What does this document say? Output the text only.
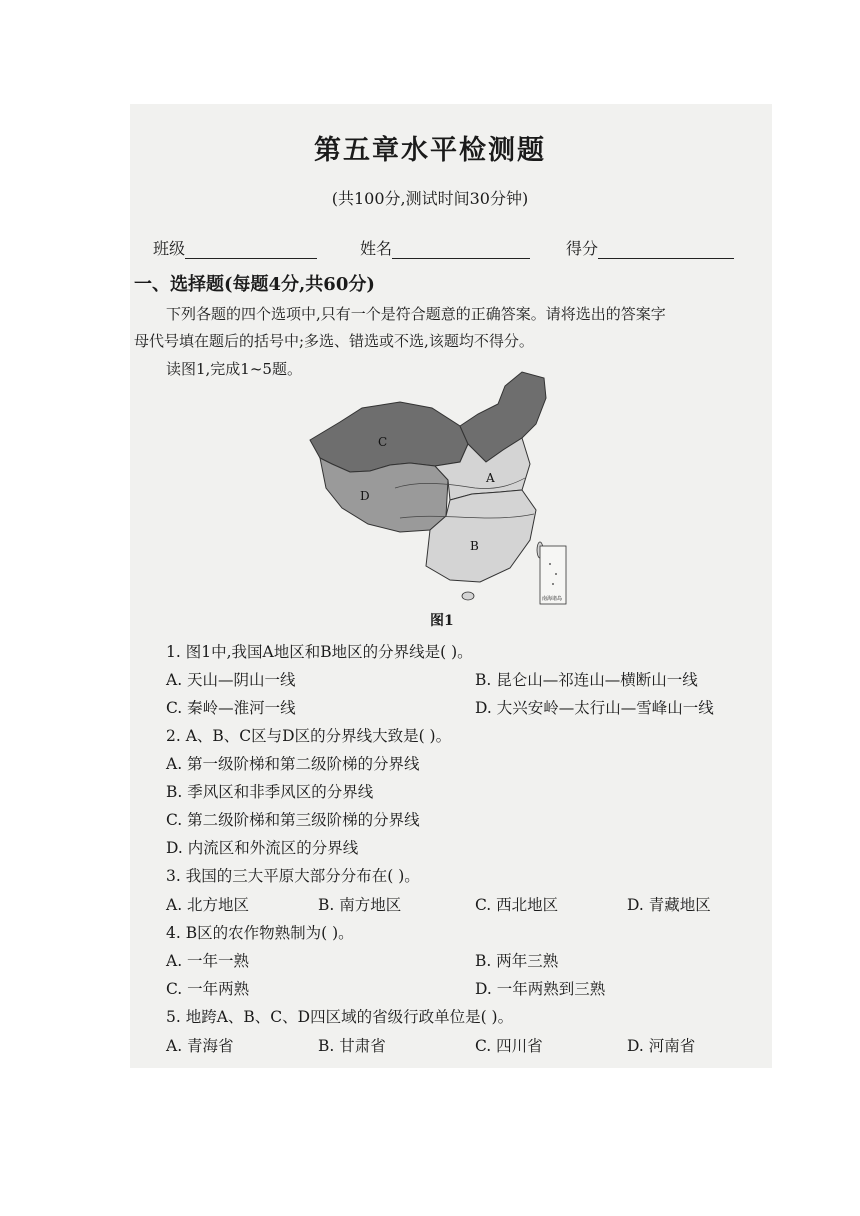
第五章水平检测题
(共100分,测试时间30分钟)
班级	姓名	得分
一、选择题(每题4分,共60分)
下列各题的四个选项中,只有一个是符合题意的正确答案。请将选出的答案字
母代号填在题后的括号中;多选、错选或不选,该题均不得分。
读图1,完成1~5题。
C
D
A
B
南海诸岛
图1
1. 图1中,我国A地区和B地区的分界线是( )。
A. 天山—阴山一线	B. 昆仑山—祁连山—横断山一线
C. 秦岭—淮河一线	D. 大兴安岭—太行山—雪峰山一线
2. A、B、C区与D区的分界线大致是( )。
A. 第一级阶梯和第二级阶梯的分界线
B. 季风区和非季风区的分界线
C. 第二级阶梯和第三级阶梯的分界线
D. 内流区和外流区的分界线
3. 我国的三大平原大部分分布在( )。
A. 北方地区	B. 南方地区	C. 西北地区	D. 青藏地区
4. B区的农作物熟制为( )。
A. 一年一熟	B. 两年三熟
C. 一年两熟	D. 一年两熟到三熟
5. 地跨A、B、C、D四区域的省级行政单位是( )。
A. 青海省	B. 甘肃省	C. 四川省	D. 河南省
